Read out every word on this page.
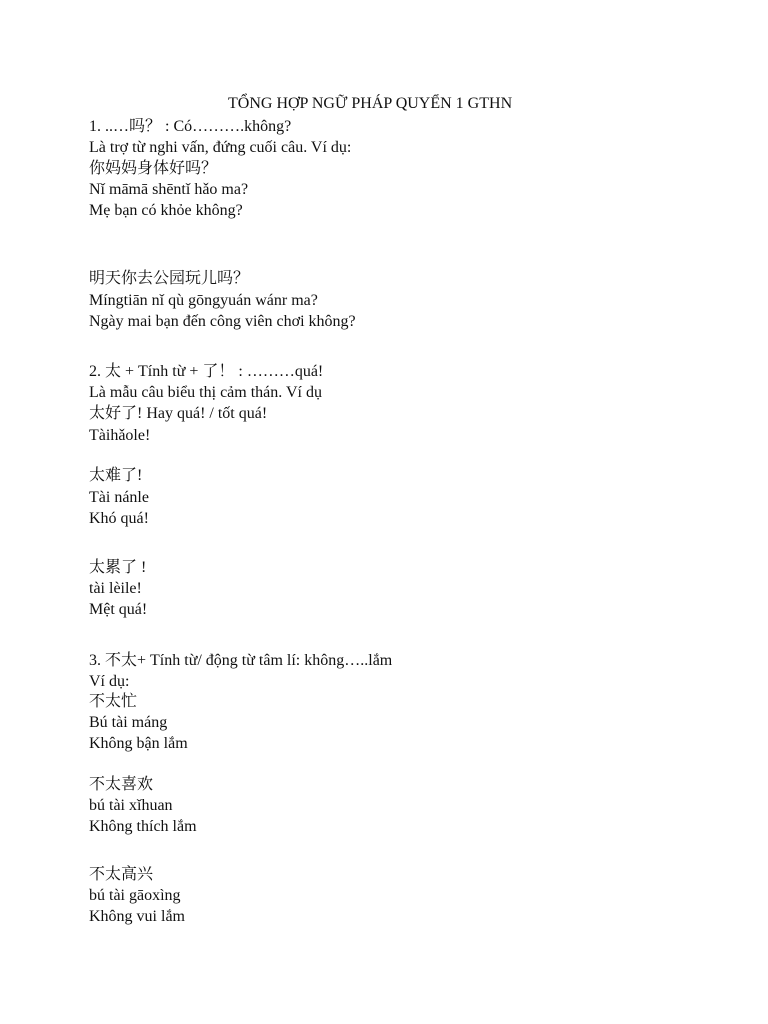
TỔNG HỢP NGỮ PHÁP QUYỂN 1 GTHN
1. ..…吗？ : Có……….không?
Là trợ từ nghi vấn, đứng cuối câu. Ví dụ:
你妈妈身体好吗？
Nǐ māmā shēntǐ hǎo ma?
Mẹ bạn có khỏe không?
明天你去公园玩儿吗？
Míngtiān nǐ qù gōngyuán wánr ma?
Ngày mai bạn đến công viên chơi không?
2. 太 + Tính từ + 了！ : ………quá!
Là mẫu câu biểu thị cảm thán. Ví dụ
太好了! Hay quá! / tốt quá!
Tàihǎole!
太难了!
Tài nánle
Khó quá!
太累了 !
tài lèile!
Mệt quá!
3. 不太+ Tính từ/ động từ tâm lí: không…..lắm
Ví dụ:
不太忙
Bú tài máng
Không bận lắm
不太喜欢
bú tài xǐhuan
Không thích lắm
不太高兴
bú tài gāoxìng
Không vui lắm
